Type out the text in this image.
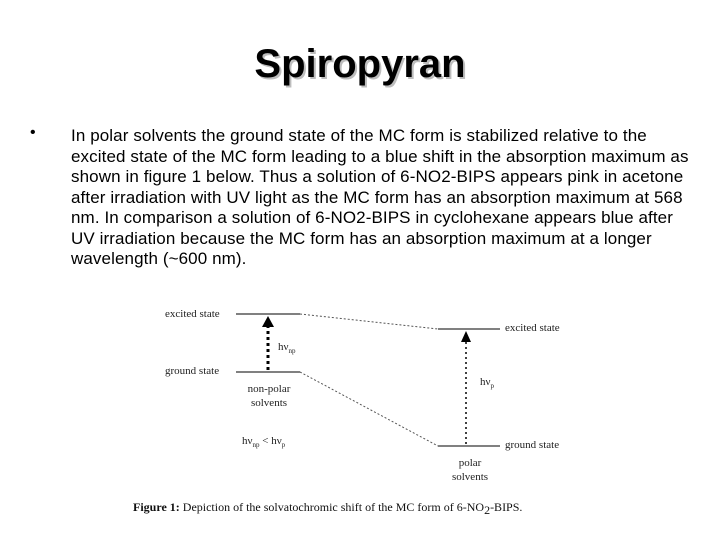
Spiropyran
• In polar solvents the ground state of the MC form is stabilized relative to the excited state of the MC form leading to a blue shift in the absorption maximum as shown in figure 1 below. Thus a solution of 6-NO2-BIPS appears pink in acetone after irradiation with UV light as the MC form has an absorption maximum at 568 nm. In comparison a solution of 6-NO2-BIPS in cyclohexane appears blue after UV irradiation because the MC form has an absorption maximum at a longer wavelength (~600 nm).
excited state
ground state
$h\nu_{np}$
non-polar
solvents
$h\nu_{np} < h\nu_p$
excited state
ground state
$h\nu_p$
polar
solvents
Figure 1: Depiction of the solvatochromic shift of the MC form of 6-NO2-BIPS.
